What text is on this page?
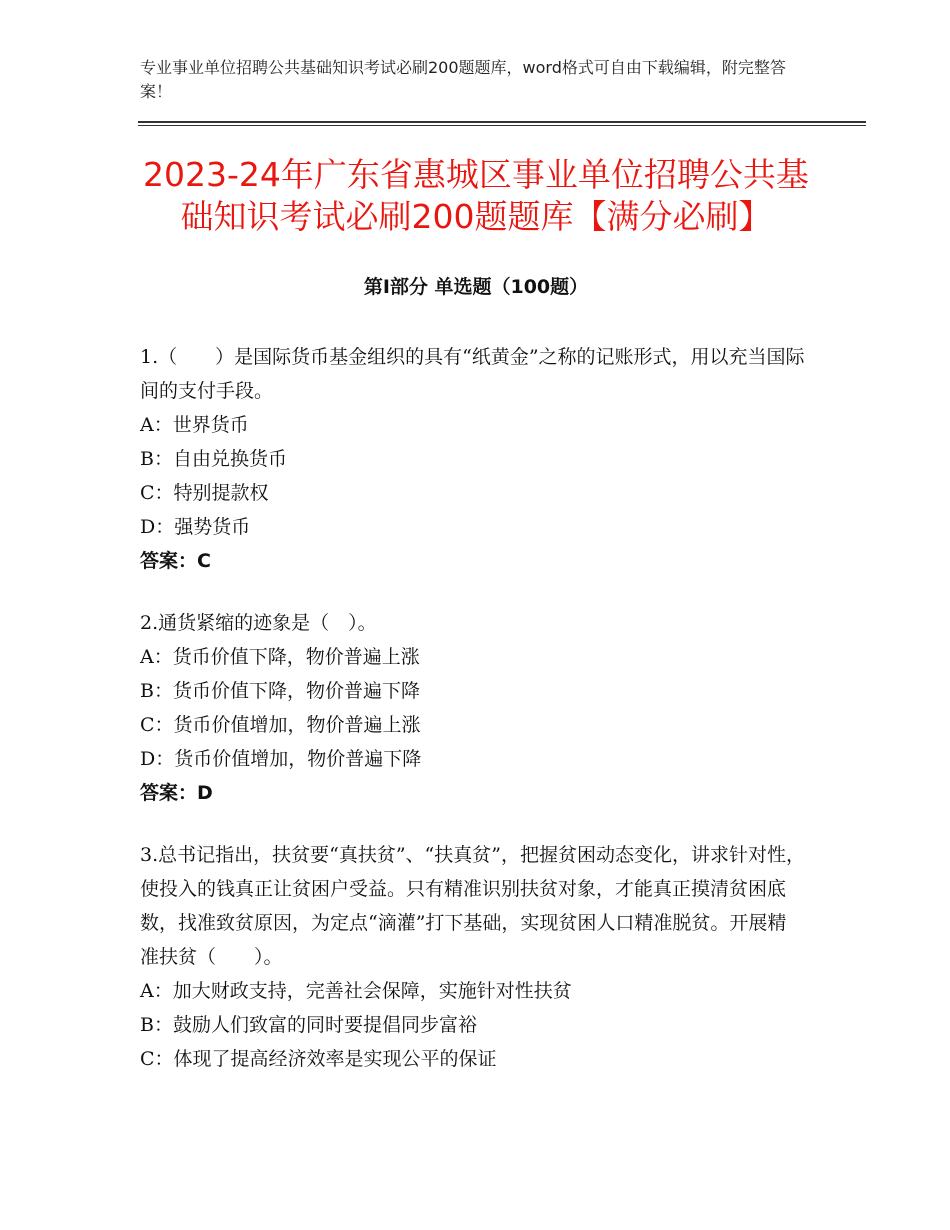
专业事业单位招聘公共基础知识考试必刷200题题库，word格式可自由下载编辑，附完整答案！
2023-24年广东省惠城区事业单位招聘公共基础知识考试必刷200题题库【满分必刷】
第Ⅰ部分 单选题（100题）

1.（　　）是国际货币基金组织的具有“纸黄金”之称的记账形式，用以充当国际间的支付手段。

A：世界货币

B：自由兑换货币

C：特别提款权

D：强势货币

答案：C

2.通货紧缩的迹象是（　）。

A：货币价值下降，物价普遍上涨

B：货币价值下降，物价普遍下降

C：货币价值增加，物价普遍上涨

D：货币价值增加，物价普遍下降

答案：D

3.总书记指出，扶贫要“真扶贫”、“扶真贫”，把握贫困动态变化，讲求针对性，使投入的钱真正让贫困户受益。只有精准识别扶贫对象，才能真正摸清贫困底数，找准致贫原因，为定点“滴灌”打下基础，实现贫困人口精准脱贫。开展精准扶贫（　　）。

A：加大财政支持，完善社会保障，实施针对性扶贫

B：鼓励人们致富的同时要提倡同步富裕

C：体现了提高经济效率是实现公平的保证
